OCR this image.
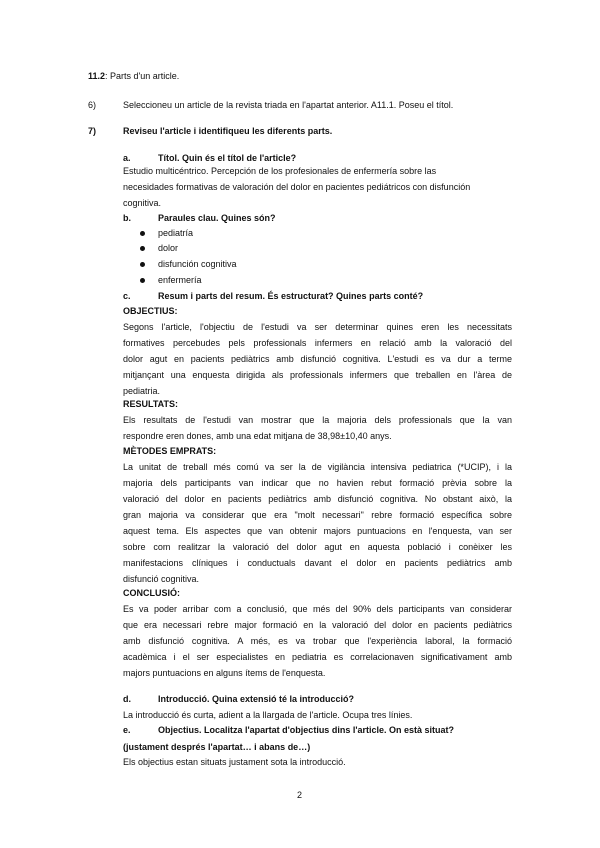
11.2: Parts d'un article.
6)	Seleccioneu un article de la revista triada en l'apartat anterior. A11.1. Poseu el títol.
7)	Reviseu l'article i identifiqueu les diferents parts.
a.	Títol. Quin és el títol de l'article?
Estudio multicéntrico. Percepción de los profesionales de enfermería sobre las
necesidades formativas de valoración del dolor en pacientes pediátricos con disfunción
cognitiva.
b.	Paraules clau. Quines són?
pediatría
dolor
disfunción cognitiva
enfermería
c.	Resum i parts del resum. És estructurat? Quines parts conté?
OBJECTIUS:
Segons l'article, l'objectiu de l'estudi va ser determinar quines eren les necessitats
formatives percebudes pels professionals infermers en relació amb la valoració del
dolor agut en pacients pediàtrics amb disfunció cognitiva. L'estudi es va dur a terme
mitjançant una enquesta dirigida als professionals infermers que treballen en l'àrea de
pediatria.
RESULTATS:
Els resultats de l'estudi van mostrar que la majoria dels professionals que la van
respondre eren dones, amb una edat mitjana de 38,98±10,40 anys.
MÈTODES EMPRATS:
La unitat de treball més comú va ser la de vigilància intensiva pediatrica (*UCIP), i la
majoria dels participants van indicar que no havien rebut formació prèvia sobre la
valoració del dolor en pacients pediàtrics amb disfunció cognitiva. No obstant això, la
gran majoria va considerar que era "molt necessari" rebre formació específica sobre
aquest tema. Els aspectes que van obtenir majors puntuacions en l'enquesta, van ser
sobre com realitzar la valoració del dolor agut en aquesta població i conèixer les
manifestacions clíniques i conductuals davant el dolor en pacients pediàtrics amb
disfunció cognitiva.
CONCLUSIÓ:
Es va poder arribar com a conclusió, que més del 90% dels participants van considerar
que era necessari rebre major formació en la valoració del dolor en pacients pediàtrics
amb disfunció cognitiva. A més, es va trobar que l'experiència laboral, la formació
acadèmica i el ser especialistes en pediatria es correlacionaven significativament amb
majors puntuacions en alguns ítems de l'enquesta.
d.	Introducció. Quina extensió té la introducció?
La introducció és curta, adient a la llargada de l'article. Ocupa tres línies.
e.	Objectius. Localitza l'apartat d'objectius dins l'article. On està situat?
(justament després l'apartat… i abans de…)
Els objectius estan situats justament sota la introducció.
2
